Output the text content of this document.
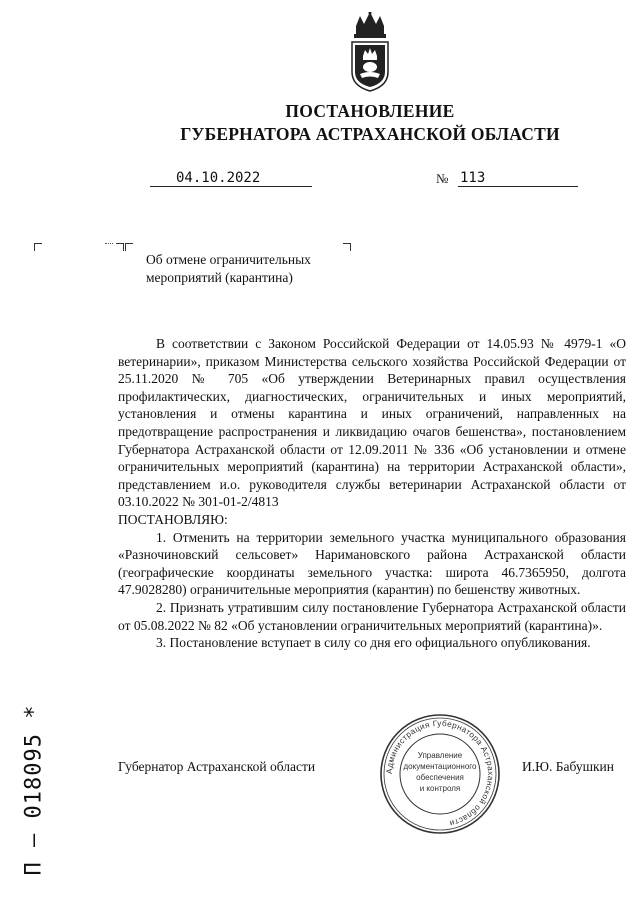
ПОСТАНОВЛЕНИЕ
ГУБЕРНАТОРА АСТРАХАНСКОЙ ОБЛАСТИ
04.10.2022	№ 113
Об отмене ограничительных
мероприятий (карантина)

В соответствии с Законом Российской Федерации от 14.05.93 № 4979-1 «О ветеринарии», приказом Министерства сельского хозяйства Российской Федерации от 25.11.2020 № 705 «Об утверждении Ветеринарных правил осуществления профилактических, диагностических, ограничительных и иных мероприятий, установления и отмены карантина и иных ограничений, направленных на предотвращение распространения и ликвидацию очагов бешенства», постановлением Губернатора Астраханской области от 12.09.2011 № 336 «Об установлении и отмене ограничительных мероприятий (карантина) на территории Астраханской области», представлением и.о. руководителя службы ветеринарии Астраханской области от 03.10.2022 № 301-01-2/4813

ПОСТАНОВЛЯЮ:

1. Отменить на территории земельного участка муниципального образования «Разночиновский сельсовет» Наримановского района Астраханской области (географические координаты земельного участка: широта 46.7365950, долгота 47.9028280) ограничительные мероприятия (карантин) по бешенству животных.

2. Признать утратившим силу постановление Губернатора Астраханской области от 05.08.2022 № 82 «Об установлении ограничительных мероприятий (карантина)».

3. Постановление вступает в силу со дня его официального опубликования.

Губернатор Астраханской области	И.Ю. Бабушкин
Администрация Губернатора Астраханской области
Управление
документационного
обеспечения
и контроля
П – 018095 *
